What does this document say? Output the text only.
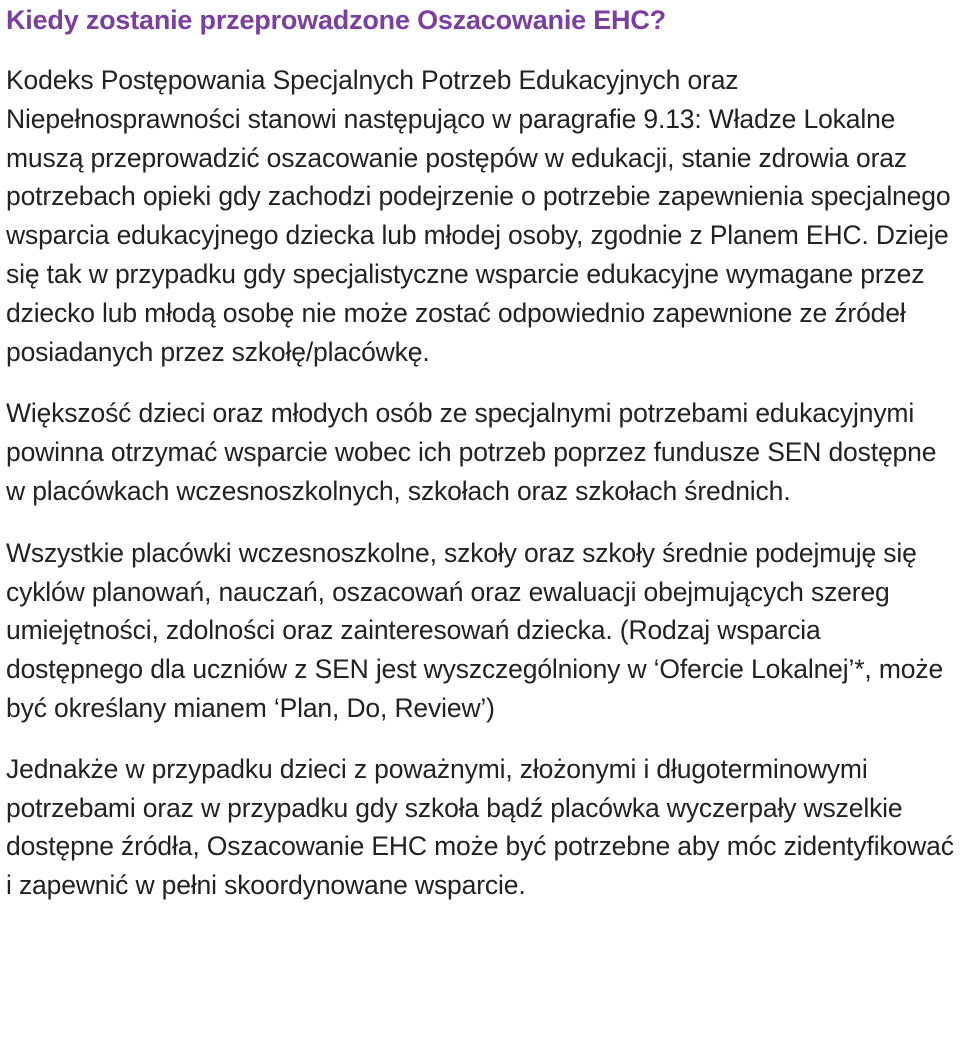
Kiedy zostanie przeprowadzone Oszacowanie EHC?

Kodeks Postępowania Specjalnych Potrzeb Edukacyjnych oraz Niepełnosprawności stanowi następująco w paragrafie 9.13: Władze Lokalne muszą przeprowadzić oszacowanie postępów w edukacji, stanie zdrowia oraz potrzebach opieki gdy zachodzi podejrzenie o potrzebie zapewnienia specjalnego wsparcia edukacyjnego dziecka lub młodej osoby, zgodnie z Planem EHC. Dzieje się tak w przypadku gdy specjalistyczne wsparcie edukacyjne wymagane przez dziecko lub młodą osobę nie może zostać odpowiednio zapewnione ze źródeł posiadanych przez szkołę/placówkę.

Większość dzieci oraz młodych osób ze specjalnymi potrzebami edukacyjnymi powinna otrzymać wsparcie wobec ich potrzeb poprzez fundusze SEN dostępne w placówkach wczesnoszkolnych, szkołach oraz szkołach średnich.

Wszystkie placówki wczesnoszkolne, szkoły oraz szkoły średnie podejmuję się cyklów planowań, nauczań, oszacowań oraz ewaluacji obejmujących szereg umiejętności, zdolności oraz zainteresowań dziecka. (Rodzaj wsparcia dostępnego dla uczniów z SEN jest wyszczególniony w ‘Ofercie Lokalnej’*, może być określany mianem ‘Plan, Do, Review’)

Jednakże w przypadku dzieci z poważnymi, złożonymi i długoterminowymi potrzebami oraz w przypadku gdy szkoła bądź placówka wyczerpały wszelkie dostępne źródła, Oszacowanie EHC może być potrzebne aby móc zidentyfikować i zapewnić w pełni skoordynowane wsparcie.
